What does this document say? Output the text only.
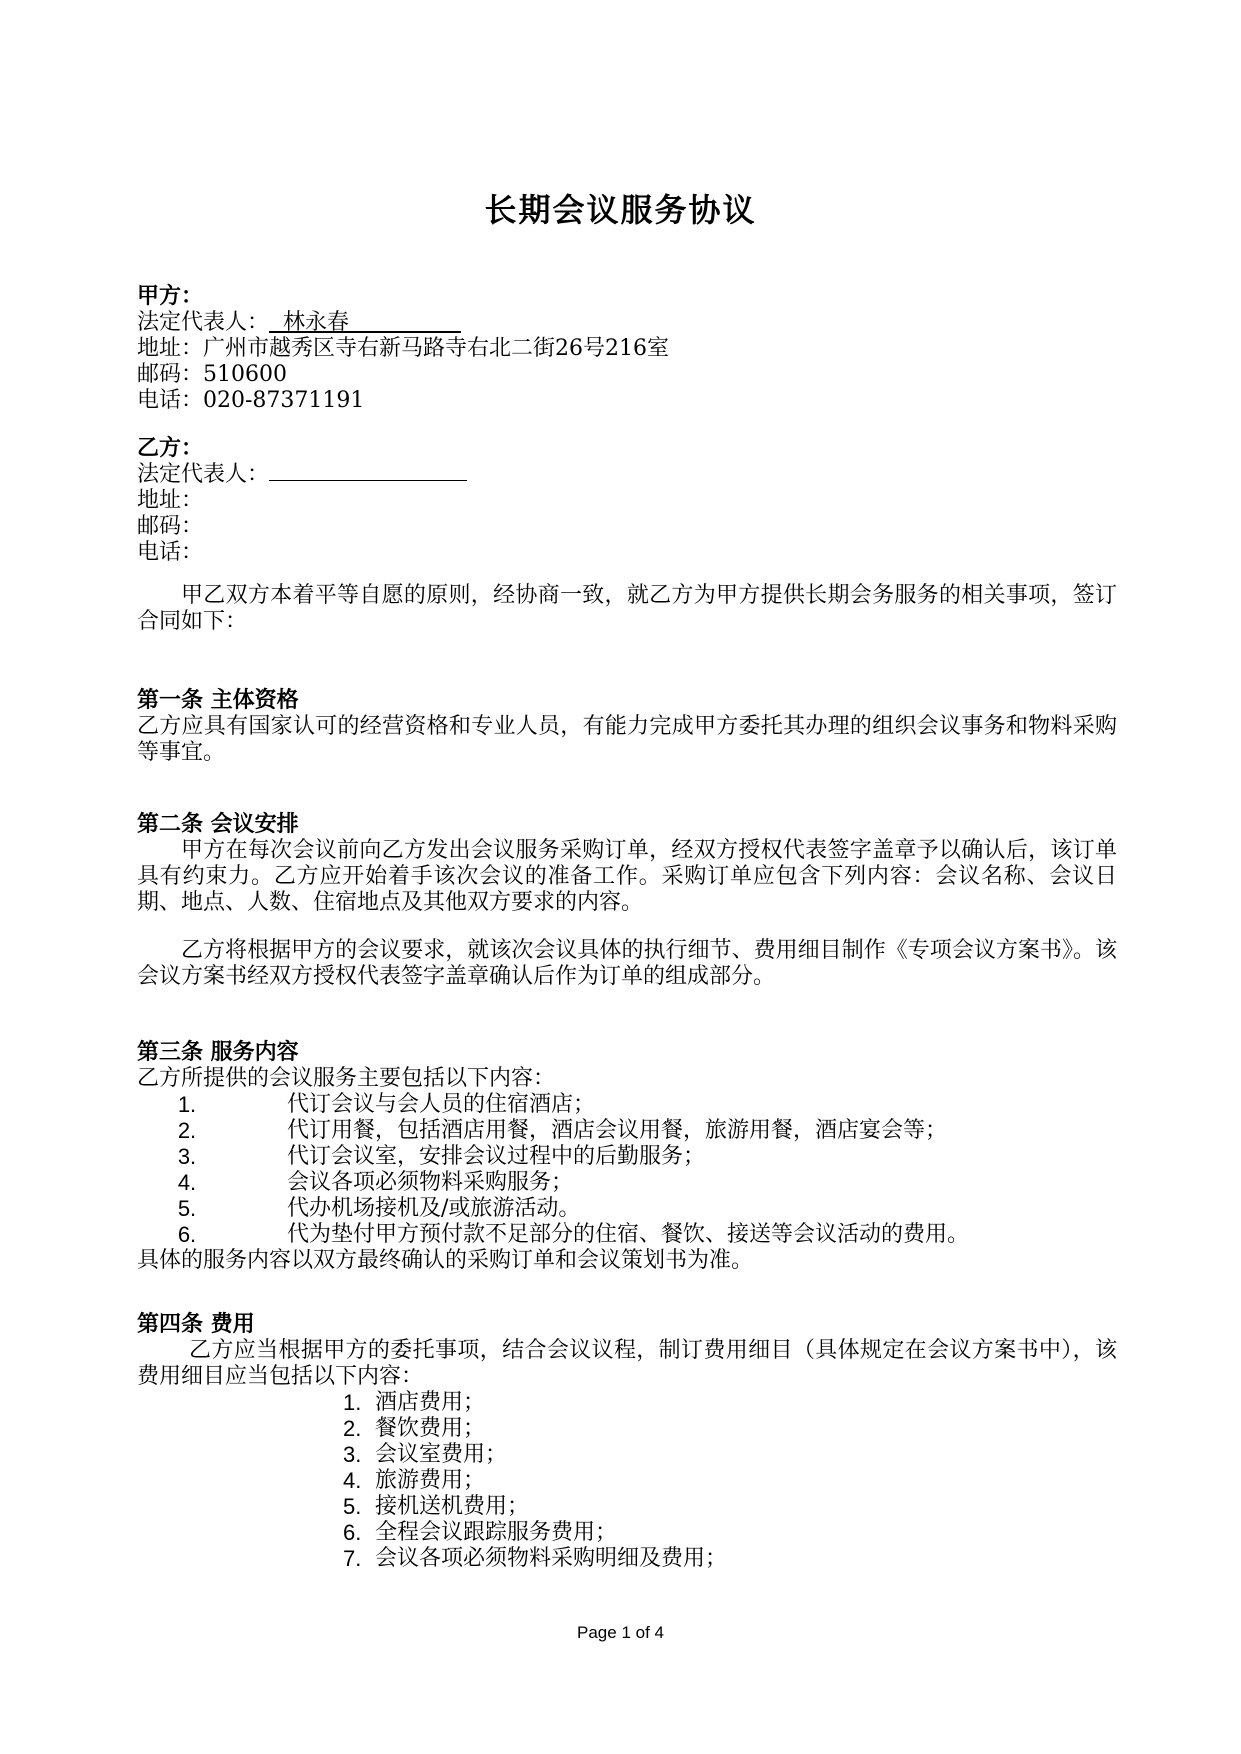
长期会议服务协议
甲方：
法定代表人： 林永春
地址：广州市越秀区寺右新马路寺右北二街26号216室
邮码：510600
电话：020-87371191
乙方：
法定代表人：
地址：
邮码：
电话：
甲乙双方本着平等自愿的原则，经协商一致，就乙方为甲方提供长期会务服务的相关事项，签订合同如下：
第一条 主体资格
乙方应具有国家认可的经营资格和专业人员，有能力完成甲方委托其办理的组织会议事务和物料采购等事宜。
第二条 会议安排
甲方在每次会议前向乙方发出会议服务采购订单，经双方授权代表签字盖章予以确认后，该订单具有约束力。乙方应开始着手该次会议的准备工作。采购订单应包含下列内容：会议名称、会议日期、地点、人数、住宿地点及其他双方要求的内容。
乙方将根据甲方的会议要求，就该次会议具体的执行细节、费用细目制作《专项会议方案书》。该会议方案书经双方授权代表签字盖章确认后作为订单的组成部分。
第三条 服务内容
乙方所提供的会议服务主要包括以下内容：
1.	代订会议与会人员的住宿酒店；
2.	代订用餐，包括酒店用餐，酒店会议用餐，旅游用餐，酒店宴会等；
3.	代订会议室，安排会议过程中的后勤服务；
4.	会议各项必须物料采购服务；
5.	代办机场接机及/或旅游活动。
6.	代为垫付甲方预付款不足部分的住宿、餐饮、接送等会议活动的费用。
具体的服务内容以双方最终确认的采购订单和会议策划书为准。
第四条 费用
乙方应当根据甲方的委托事项，结合会议议程，制订费用细目（具体规定在会议方案书中），该费用细目应当包括以下内容：
1. 酒店费用；
2. 餐饮费用；
3. 会议室费用；
4. 旅游费用；
5. 接机送机费用；
6. 全程会议跟踪服务费用；
7. 会议各项必须物料采购明细及费用；
Page 1 of 4
